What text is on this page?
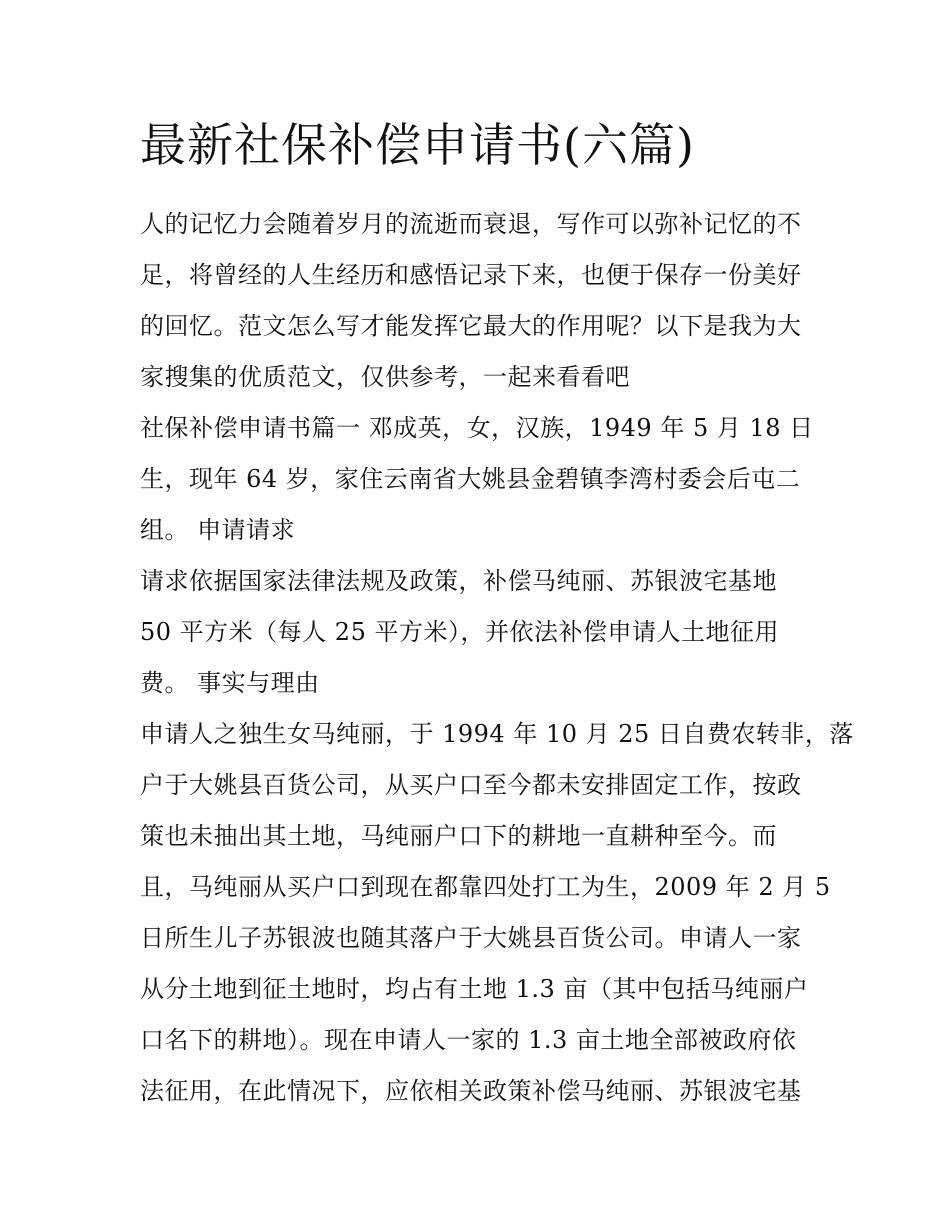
最新社保补偿申请书(六篇)
人的记忆力会随着岁月的流逝而衰退，写作可以弥补记忆的不
足，将曾经的人生经历和感悟记录下来，也便于保存一份美好
的回忆。范文怎么写才能发挥它最大的作用呢？以下是我为大
家搜集的优质范文，仅供参考，一起来看看吧
社保补偿申请书篇一 邓成英，女，汉族，1949 年 5 月 18 日
生，现年 64 岁，家住云南省大姚县金碧镇李湾村委会后屯二
组。 申请请求
请求依据国家法律法规及政策，补偿马纯丽、苏银波宅基地
50 平方米（每人 25 平方米），并依法补偿申请人土地征用
费。 事实与理由
申请人之独生女马纯丽，于 1994 年 10 月 25 日自费农转非，落
户于大姚县百货公司，从买户口至今都未安排固定工作，按政
策也未抽出其土地，马纯丽户口下的耕地一直耕种至今。而
且，马纯丽从买户口到现在都靠四处打工为生，2009 年 2 月 5
日所生儿子苏银波也随其落户于大姚县百货公司。申请人一家
从分土地到征土地时，均占有土地 1.3 亩（其中包括马纯丽户
口名下的耕地）。现在申请人一家的 1.3 亩土地全部被政府依
法征用，在此情况下，应依相关政策补偿马纯丽、苏银波宅基
